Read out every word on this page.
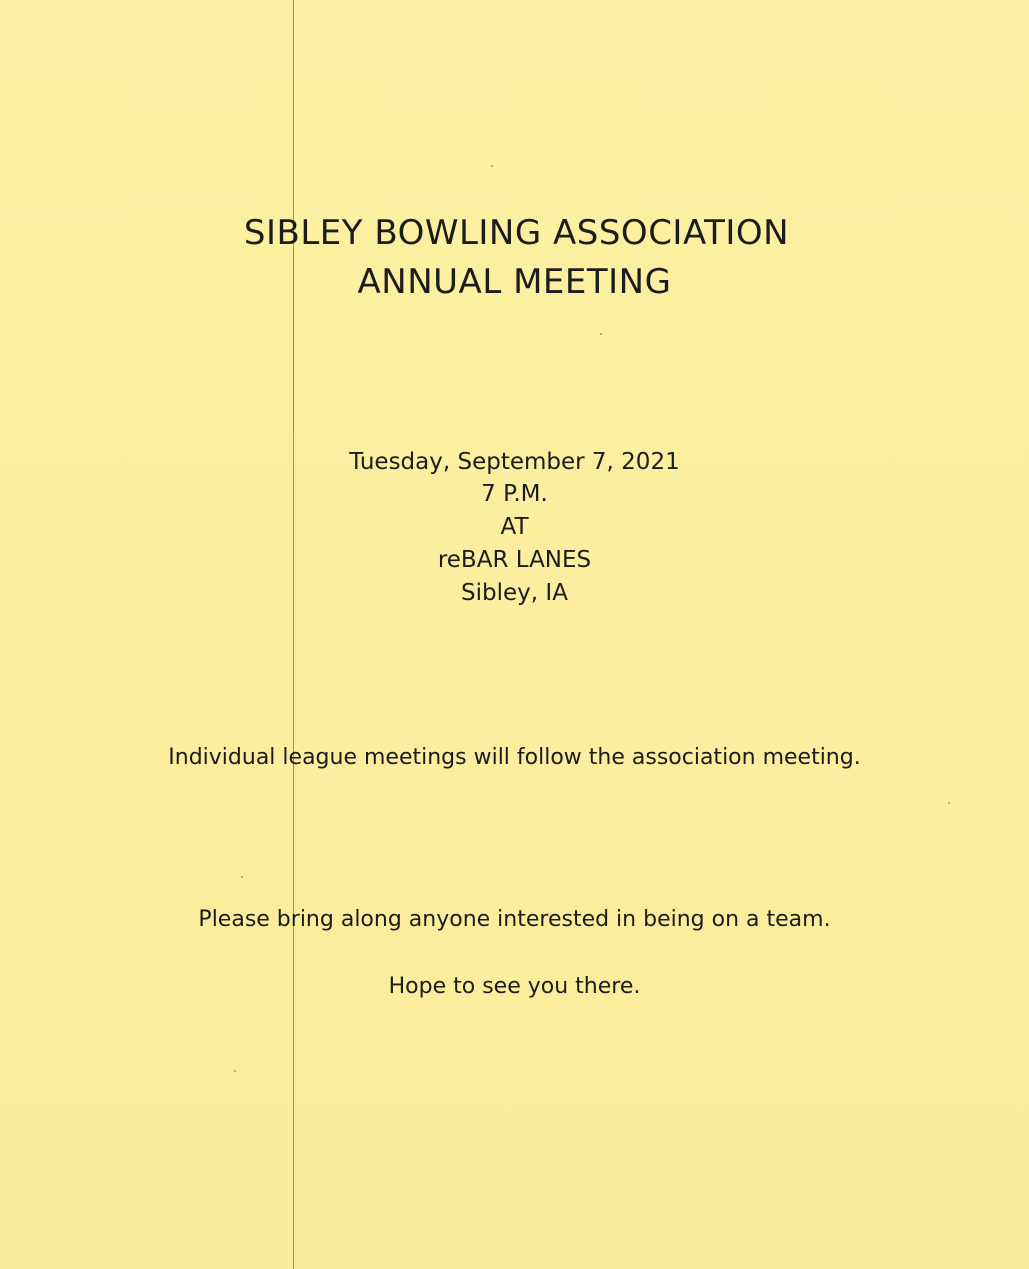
SIBLEY BOWLING ASSOCIATION
ANNUAL MEETING
Tuesday, September 7, 2021
7 P.M.
AT
reBAR LANES
Sibley, IA
Individual league meetings will follow the association meeting.
Please bring along anyone interested in being on a team.
Hope to see you there.
